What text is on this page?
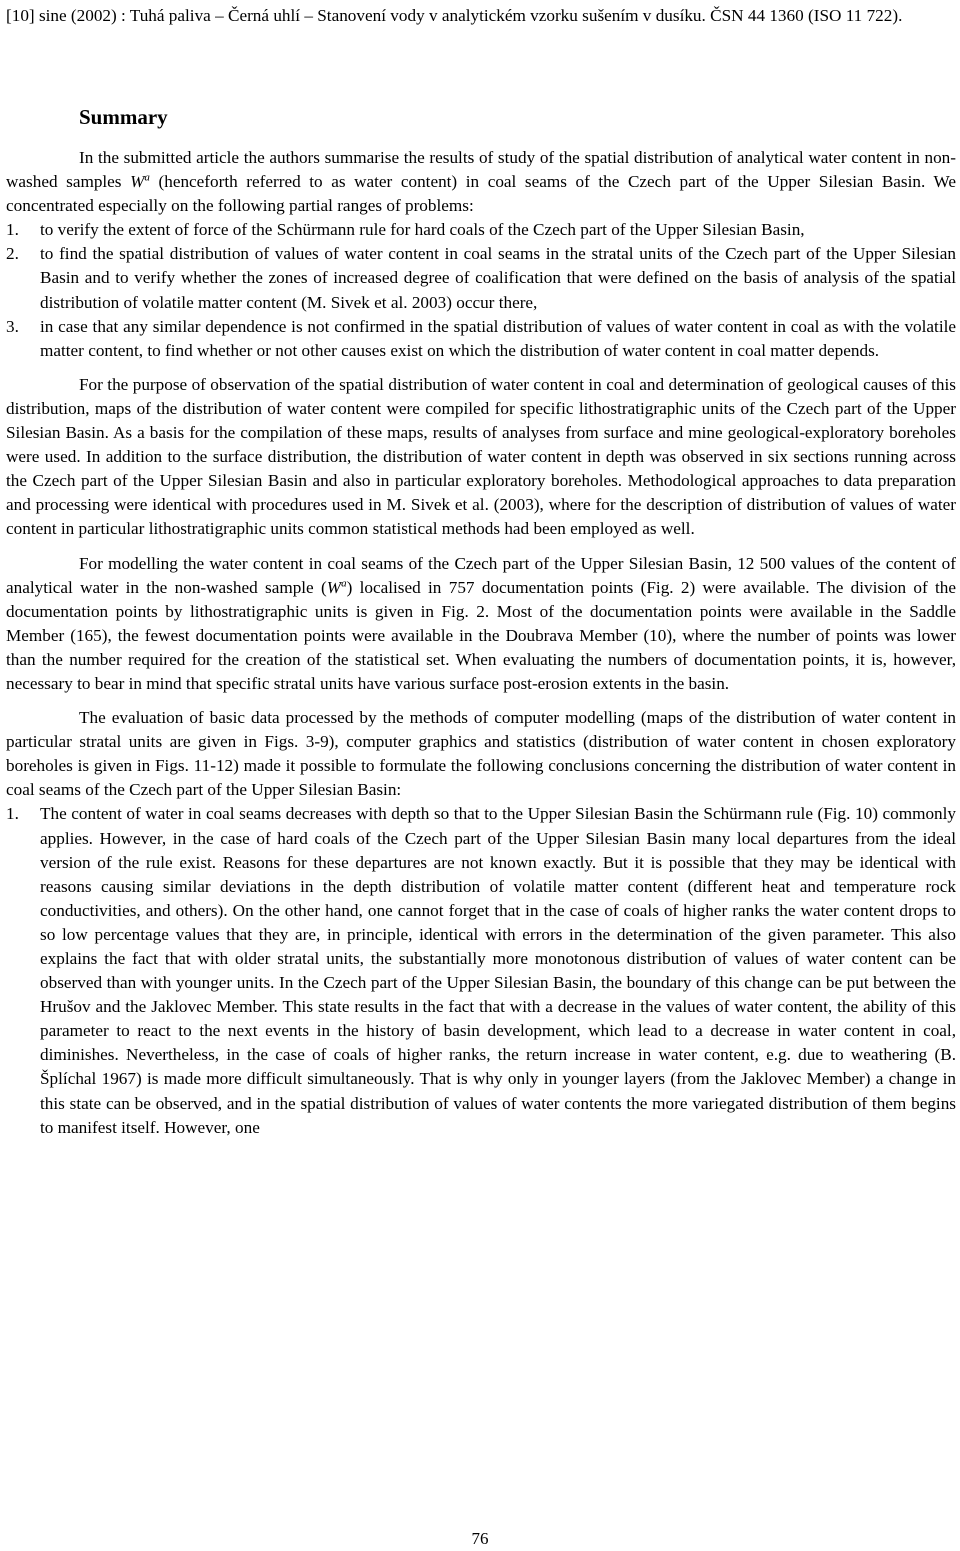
[10] sine (2002) : Tuhá paliva – Černá uhlí – Stanovení vody v analytickém vzorku sušením v dusíku. ČSN 44 1360 (ISO 11 722).
Summary

In the submitted article the authors summarise the results of study of the spatial distribution of analytical water content in non-washed samples $W^a$ (henceforth referred to as water content) in coal seams of the Czech part of the Upper Silesian Basin. We concentrated especially on the following partial ranges of problems:

1. to verify the extent of force of the Schürmann rule for hard coals of the Czech part of the Upper Silesian Basin,
2. to find the spatial distribution of values of water content in coal seams in the stratal units of the Czech part of the Upper Silesian Basin and to verify whether the zones of increased degree of coalification that were defined on the basis of analysis of the spatial distribution of volatile matter content (M. Sivek et al. 2003) occur there,
3. in case that any similar dependence is not confirmed in the spatial distribution of values of water content in coal as with the volatile matter content, to find whether or not other causes exist on which the distribution of water content in coal matter depends.

For the purpose of observation of the spatial distribution of water content in coal and determination of geological causes of this distribution, maps of the distribution of water content were compiled for specific lithostratigraphic units of the Czech part of the Upper Silesian Basin. As a basis for the compilation of these maps, results of analyses from surface and mine geological-exploratory boreholes were used. In addition to the surface distribution, the distribution of water content in depth was observed in six sections running across the Czech part of the Upper Silesian Basin and also in particular exploratory boreholes. Methodological approaches to data preparation and processing were identical with procedures used in M. Sivek et al. (2003), where for the description of distribution of values of water content in particular lithostratigraphic units common statistical methods had been employed as well.

For modelling the water content in coal seams of the Czech part of the Upper Silesian Basin, 12 500 values of the content of analytical water in the non-washed sample $(W^a)$ localised in 757 documentation points (Fig. 2) were available. The division of the documentation points by lithostratigraphic units is given in Fig. 2. Most of the documentation points were available in the Saddle Member (165), the fewest documentation points were available in the Doubrava Member (10), where the number of points was lower than the number required for the creation of the statistical set. When evaluating the numbers of documentation points, it is, however, necessary to bear in mind that specific stratal units have various surface post-erosion extents in the basin.

The evaluation of basic data processed by the methods of computer modelling (maps of the distribution of water content in particular stratal units are given in Figs. 3-9), computer graphics and statistics (distribution of water content in chosen exploratory boreholes is given in Figs. 11-12) made it possible to formulate the following conclusions concerning the distribution of water content in coal seams of the Czech part of the Upper Silesian Basin:

1. The content of water in coal seams decreases with depth so that to the Upper Silesian Basin the Schürmann rule (Fig. 10) commonly applies. However, in the case of hard coals of the Czech part of the Upper Silesian Basin many local departures from the ideal version of the rule exist. Reasons for these departures are not known exactly. But it is possible that they may be identical with reasons causing similar deviations in the depth distribution of volatile matter content (different heat and temperature rock conductivities, and others). On the other hand, one cannot forget that in the case of coals of higher ranks the water content drops to so low percentage values that they are, in principle, identical with errors in the determination of the given parameter. This also explains the fact that with older stratal units, the substantially more monotonous distribution of values of water content can be observed than with younger units. In the Czech part of the Upper Silesian Basin, the boundary of this change can be put between the Hrušov and the Jaklovec Member. This state results in the fact that with a decrease in the values of water content, the ability of this parameter to react to the next events in the history of basin development, which lead to a decrease in water content in coal, diminishes. Nevertheless, in the case of coals of higher ranks, the return increase in water content, e.g. due to weathering (B. Šplíchal 1967) is made more difficult simultaneously. That is why only in younger layers (from the Jaklovec Member) a change in this state can be observed, and in the spatial distribution of values of water contents the more variegated distribution of them begins to manifest itself. However, one
76
